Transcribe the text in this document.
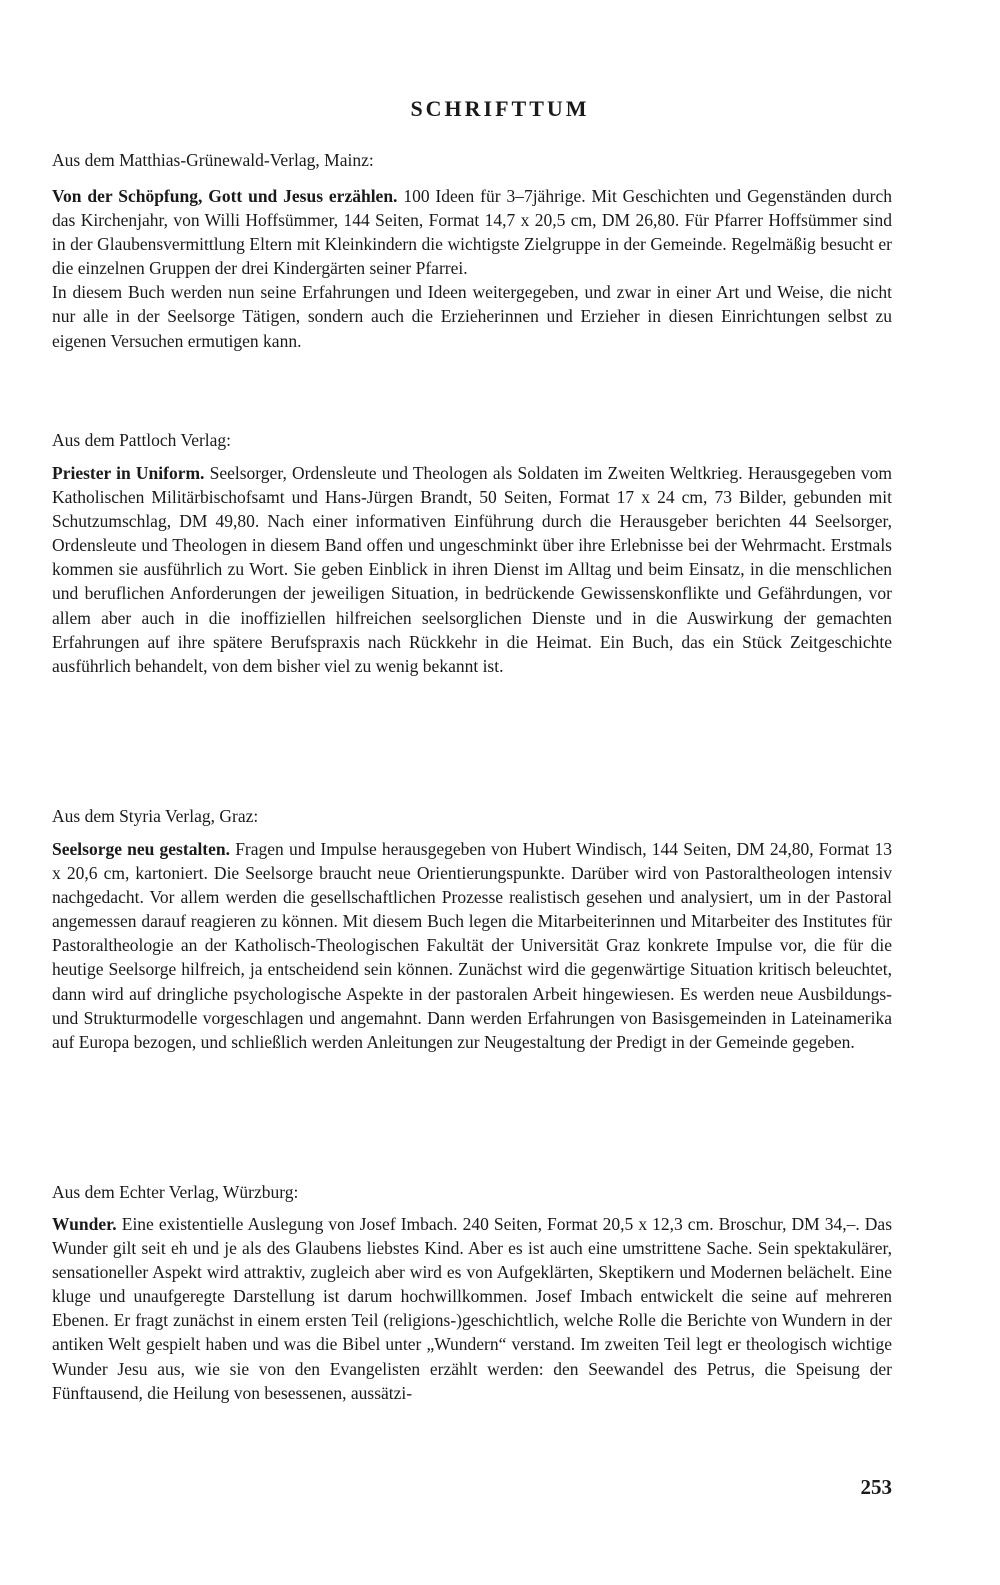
SCHRIFTTUM
Aus dem Matthias-Grünewald-Verlag, Mainz:

Von der Schöpfung, Gott und Jesus erzählen. 100 Ideen für 3–7jährige. Mit Geschichten und Gegenständen durch das Kirchenjahr, von Willi Hoffsümmer, 144 Seiten, Format 14,7 x 20,5 cm, DM 26,80. Für Pfarrer Hoffsümmer sind in der Glaubensvermittlung Eltern mit Kleinkindern die wichtigste Zielgruppe in der Gemeinde. Regelmäßig besucht er die einzelnen Gruppen der drei Kindergärten seiner Pfarrei.

In diesem Buch werden nun seine Erfahrungen und Ideen weitergegeben, und zwar in einer Art und Weise, die nicht nur alle in der Seelsorge Tätigen, sondern auch die Erzieherinnen und Erzieher in diesen Einrichtungen selbst zu eigenen Versuchen ermutigen kann.

Aus dem Pattloch Verlag:

Priester in Uniform. Seelsorger, Ordensleute und Theologen als Soldaten im Zweiten Weltkrieg. Herausgegeben vom Katholischen Militärbischofsamt und Hans-Jürgen Brandt, 50 Seiten, Format 17 x 24 cm, 73 Bilder, gebunden mit Schutzumschlag, DM 49,80. Nach einer informativen Einführung durch die Herausgeber berichten 44 Seelsorger, Ordensleute und Theologen in diesem Band offen und ungeschminkt über ihre Erlebnisse bei der Wehrmacht. Erstmals kommen sie ausführlich zu Wort. Sie geben Einblick in ihren Dienst im Alltag und beim Einsatz, in die menschlichen und beruflichen Anforderungen der jeweiligen Situation, in bedrückende Gewissenskonflikte und Gefährdungen, vor allem aber auch in die inoffiziellen hilfreichen seelsorglichen Dienste und in die Auswirkung der gemachten Erfahrungen auf ihre spätere Berufspraxis nach Rückkehr in die Heimat. Ein Buch, das ein Stück Zeitgeschichte ausführlich behandelt, von dem bisher viel zu wenig bekannt ist.

Aus dem Styria Verlag, Graz:

Seelsorge neu gestalten. Fragen und Impulse herausgegeben von Hubert Windisch, 144 Seiten, DM 24,80, Format 13 x 20,6 cm, kartoniert. Die Seelsorge braucht neue Orientierungspunkte. Darüber wird von Pastoraltheologen intensiv nachgedacht. Vor allem werden die gesellschaftlichen Prozesse realistisch gesehen und analysiert, um in der Pastoral angemessen darauf reagieren zu können. Mit diesem Buch legen die Mitarbeiterinnen und Mitarbeiter des Institutes für Pastoraltheologie an der Katholisch-Theologischen Fakultät der Universität Graz konkrete Impulse vor, die für die heutige Seelsorge hilfreich, ja entscheidend sein können. Zunächst wird die gegenwärtige Situation kritisch beleuchtet, dann wird auf dringliche psychologische Aspekte in der pastoralen Arbeit hingewiesen. Es werden neue Ausbildungs- und Strukturmodelle vorgeschlagen und angemahnt. Dann werden Erfahrungen von Basisgemeinden in Lateinamerika auf Europa bezogen, und schließlich werden Anleitungen zur Neugestaltung der Predigt in der Gemeinde gegeben.

Aus dem Echter Verlag, Würzburg:

Wunder. Eine existentielle Auslegung von Josef Imbach. 240 Seiten, Format 20,5 x 12,3 cm. Broschur, DM 34,–. Das Wunder gilt seit eh und je als des Glaubens liebstes Kind. Aber es ist auch eine umstrittene Sache. Sein spektakulärer, sensationeller Aspekt wird attraktiv, zugleich aber wird es von Aufgeklärten, Skeptikern und Modernen belächelt. Eine kluge und unaufgeregte Darstellung ist darum hochwillkommen. Josef Imbach entwickelt die seine auf mehreren Ebenen. Er fragt zunächst in einem ersten Teil (religions-)geschichtlich, welche Rolle die Berichte von Wundern in der antiken Welt gespielt haben und was die Bibel unter „Wundern“ verstand. Im zweiten Teil legt er theologisch wichtige Wunder Jesu aus, wie sie von den Evangelisten erzählt werden: den Seewandel des Petrus, die Speisung der Fünftausend, die Heilung von besessenen, aussätzi-

253
